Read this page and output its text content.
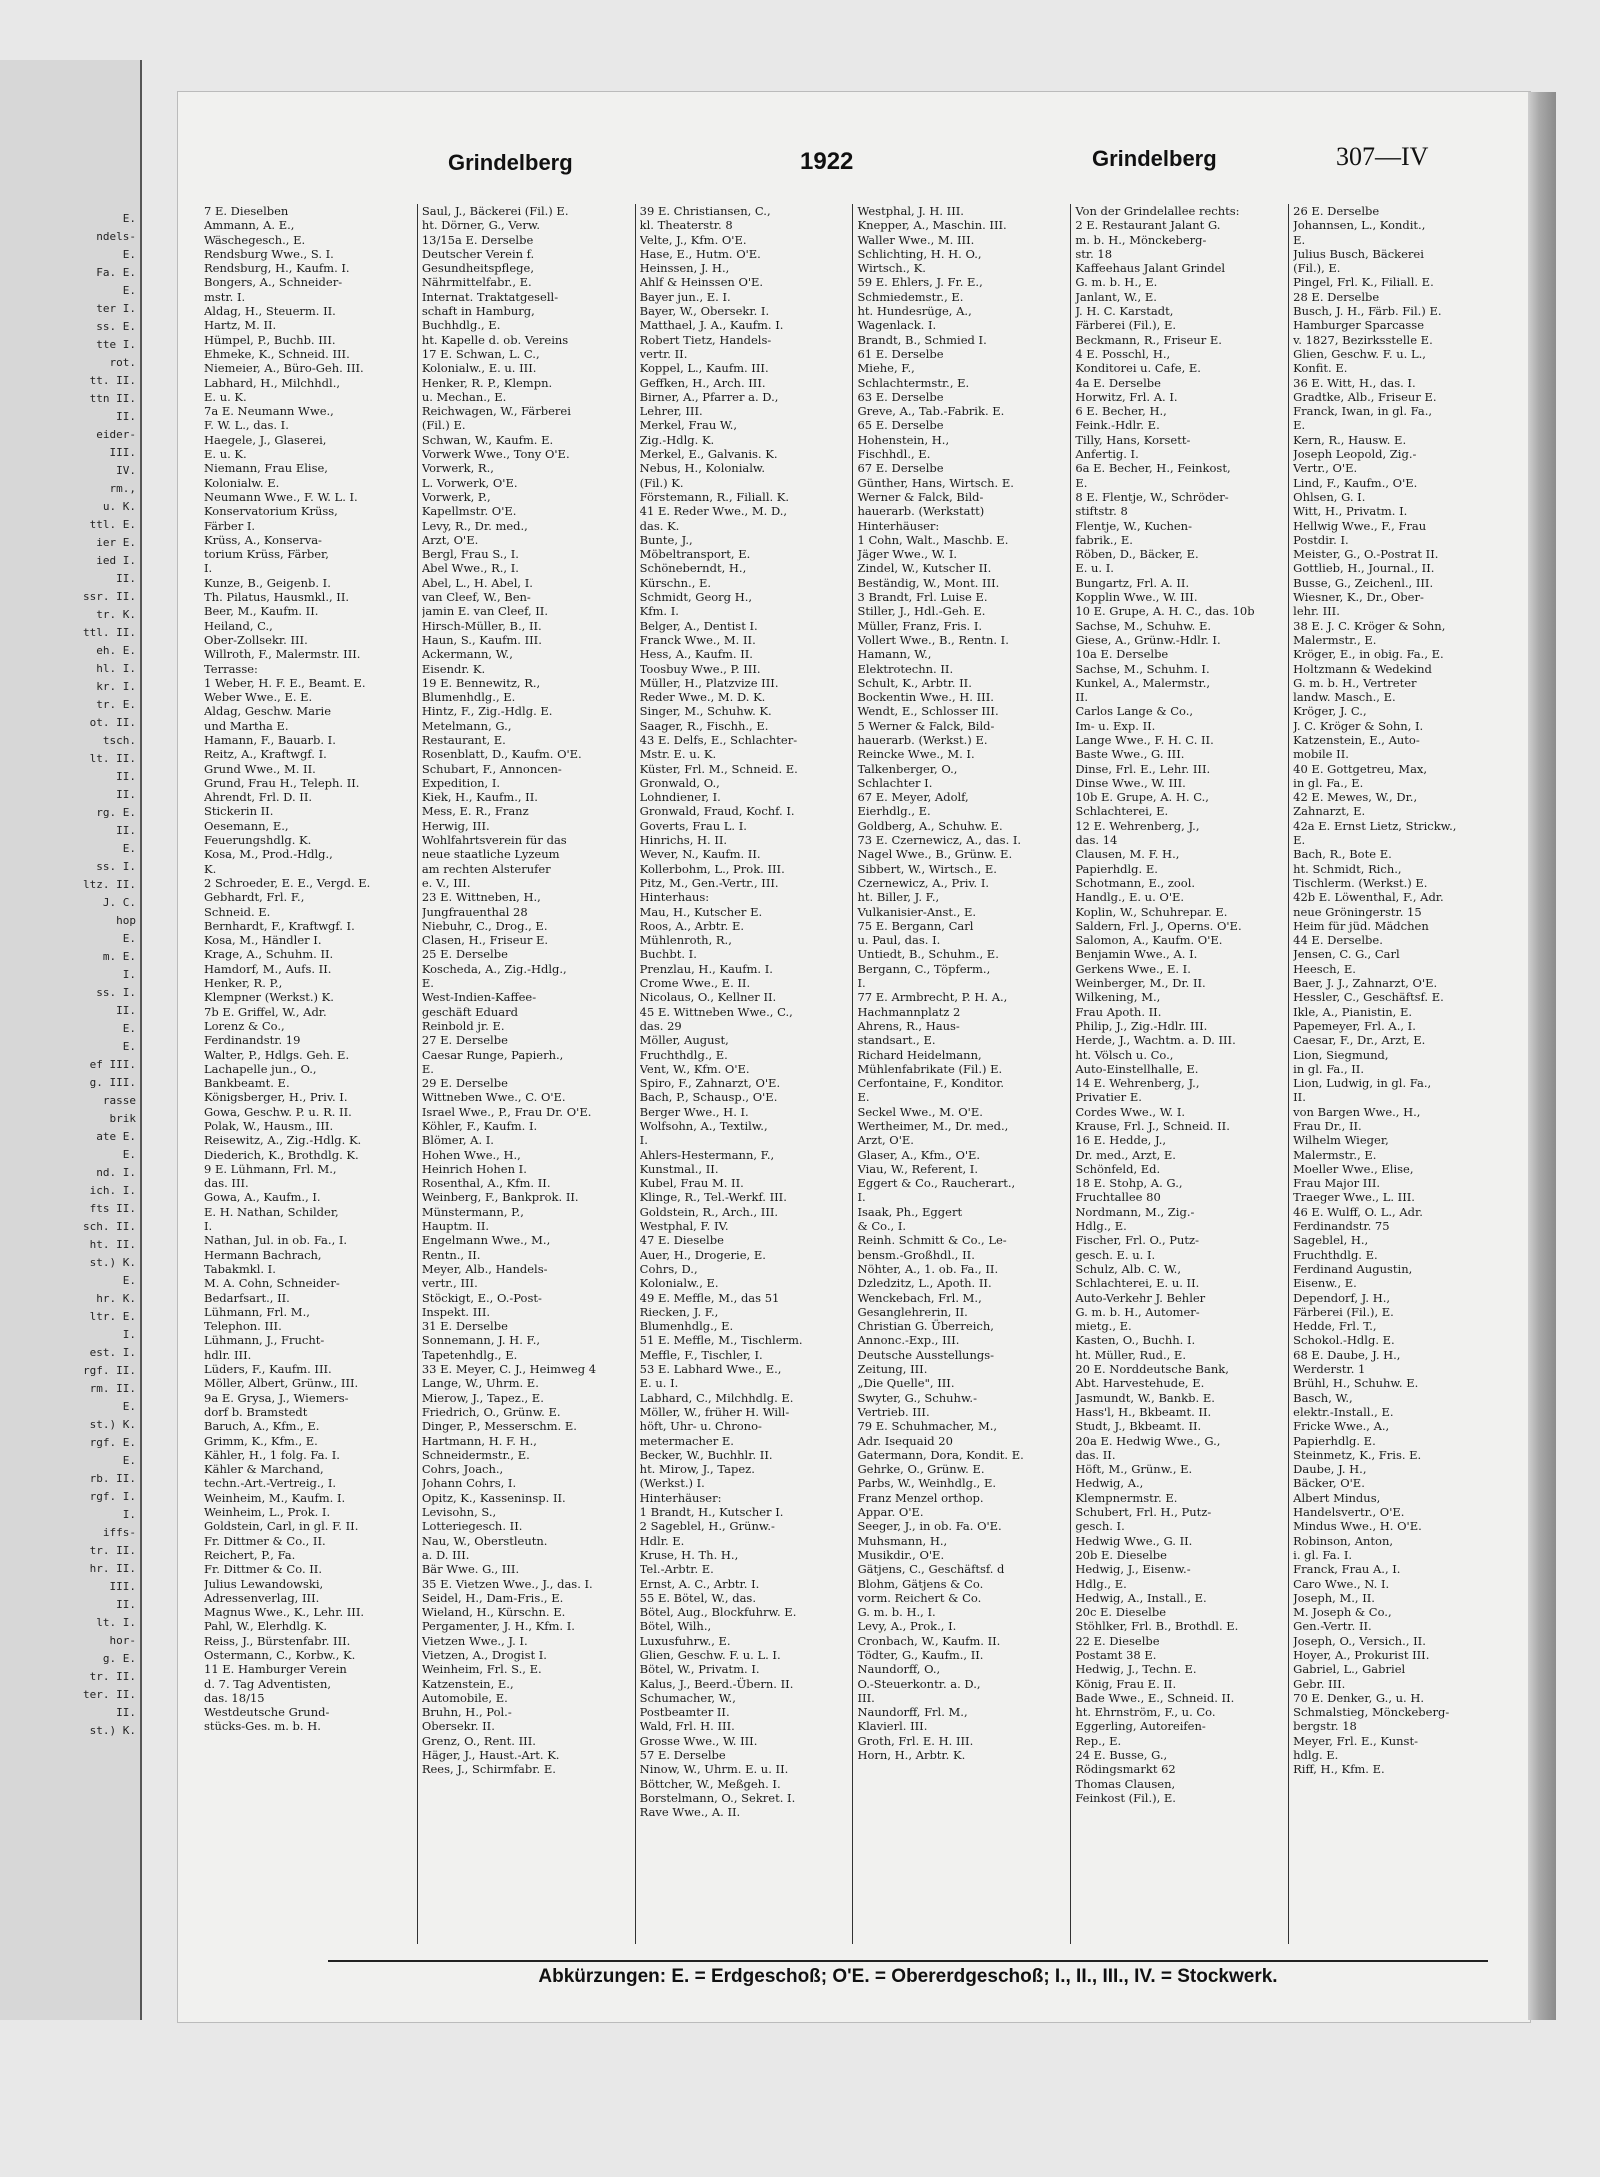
E.
ndels-
E.
Fa. E.
E.
ter I.
ss. E.
tte I.
rot.
tt. II.
ttn II.
II.
eider-
III.
IV.
rm.,
u. K.
ttl. E.
ier E.
ied I.
II.
ssr. II.
tr. K.
ttl. II.
eh. E.
hl. I.
kr. I.
tr. E.
ot. II.
tsch.
lt. II.
II.
II.
rg. E.
II.
E.
ss. I.
ltz. II.
J. C.
hop
E.
m. E.
I.
ss. I.
II.
E.
E.
ef III.
g. III.
rasse
brik
ate E.
E.
nd. I.
ich. I.
fts II.
sch. II.
ht. II.
st.) K.
E.
hr. K.
ltr. E.
I.
est. I.
rgf. II.
rm. II.
E.
st.) K.
rgf. E.
E.
rb. II.
rgf. I.
I.
iffs-
tr. II.
hr. II.
III.
II.
lt. I.
hor-
g. E.
tr. II.
ter. II.
II.
st.) K.
Grindelberg	1922	Grindelberg	307—IV
7 E. Dieselben
Ammann, A. E.,
Wäschegesch., E.
Rendsburg Wwe., S. I.
Rendsburg, H., Kaufm. I.
Bongers, A., Schneider-
mstr. I.
Aldag, H., Steuerm. II.
Hartz, M. II.
Hümpel, P., Buchb. III.
Ehmeke, K., Schneid. III.
Niemeier, A., Büro-Geh. III.
Labhard, H., Milchhdl.,
E. u. K.
7a E. Neumann Wwe.,
F. W. L., das. I.
Haegele, J., Glaserei,
E. u. K.
Niemann, Frau Elise,
Kolonialw. E.
Neumann Wwe., F. W. L. I.
Konservatorium Krüss,
Färber I.
Krüss, A., Konserva-
torium Krüss, Färber,
I.
Kunze, B., Geigenb. I.
Th. Pilatus, Hausmkl., II.
Beer, M., Kaufm. II.
Heiland, C.,
Ober-Zollsekr. III.
Willroth, F., Malermstr. III.
Terrasse:
1 Weber, H. F. E., Beamt. E.
Weber Wwe., E. E.
Aldag, Geschw. Marie
und Martha E.
Hamann, F., Bauarb. I.
Reitz, A., Kraftwgf. I.
Grund Wwe., M. II.
Grund, Frau H., Teleph. II.
Ahrendt, Frl. D. II.
Stickerin II.
Oesemann, E.,
Feuerungshdlg. K.
Kosa, M., Prod.-Hdlg.,
K.
2 Schroeder, E. E., Vergd. E.
Gebhardt, Frl. F.,
Schneid. E.
Bernhardt, F., Kraftwgf. I.
Kosa, M., Händler I.
Krage, A., Schuhm. II.
Hamdorf, M., Aufs. II.
Henker, R. P.,
Klempner (Werkst.) K.
7b E. Griffel, W., Adr.
Lorenz & Co.,
Ferdinandstr. 19
Walter, P., Hdlgs. Geh. E.
Lachapelle jun., O.,
Bankbeamt. E.
Königsberger, H., Priv. I.
Gowa, Geschw. P. u. R. II.
Polak, W., Hausm., III.
Reisewitz, A., Zig.-Hdlg. K.
Diederich, K., Brothdlg. K.
9 E. Lühmann, Frl. M.,
das. III.
Gowa, A., Kaufm., I.
E. H. Nathan, Schilder,
I.
Nathan, Jul. in ob. Fa., I.
Hermann Bachrach,
Tabakmkl. I.
M. A. Cohn, Schneider-
Bedarfsart., II.
Lühmann, Frl. M.,
Telephon. III.
Lühmann, J., Frucht-
hdlr. III.
Lüders, F., Kaufm. III.
Möller, Albert, Grünw., III.
9a E. Grysa, J., Wiemers-
dorf b. Bramstedt
Baruch, A., Kfm., E.
Grimm, K., Kfm., E.
Kähler, H., 1 folg. Fa. I.
Kähler & Marchand,
techn.-Art.-Vertreig., I.
Weinheim, M., Kaufm. I.
Weinheim, L., Prok. I.
Goldstein, Carl, in gl. F. II.
Fr. Dittmer & Co., II.
Reichert, P., Fa.
Fr. Dittmer & Co. II.
Julius Lewandowski,
Adressenverlag, III.
Magnus Wwe., K., Lehr. III.
Pahl, W., Elerhdlg. K.
Reiss, J., Bürstenfabr. III.
Ostermann, C., Korbw., K.
11 E. Hamburger Verein
d. 7. Tag Adventisten,
das. 18/15
Westdeutsche Grund-
stücks-Ges. m. b. H.
Saul, J., Bäckerei (Fil.) E.
ht. Dörner, G., Verw.
13/15a E. Derselbe
Deutscher Verein f.
Gesundheitspflege,
Nährmittelfabr., E.
Internat. Traktatgesell-
schaft in Hamburg,
Buchhdlg., E.
ht. Kapelle d. ob. Vereins
17 E. Schwan, L. C.,
Kolonialw., E. u. III.
Henker, R. P., Klempn.
u. Mechan., E.
Reichwagen, W., Färberei
(Fil.) E.
Schwan, W., Kaufm. E.
Vorwerk Wwe., Tony O'E.
Vorwerk, R.,
L. Vorwerk, O'E.
Vorwerk, P.,
Kapellmstr. O'E.
Levy, R., Dr. med.,
Arzt, O'E.
Bergl, Frau S., I.
Abel Wwe., R., I.
Abel, L., H. Abel, I.
van Cleef, W., Ben-
jamin E. van Cleef, II.
Hirsch-Müller, B., II.
Haun, S., Kaufm. III.
Ackermann, W.,
Eisendr. K.
19 E. Bennewitz, R.,
Blumenhdlg., E.
Hintz, F., Zig.-Hdlg. E.
Metelmann, G.,
Restaurant, E.
Rosenblatt, D., Kaufm. O'E.
Schubart, F., Annoncen-
Expedition, I.
Kiek, H., Kaufm., II.
Mess, E. R., Franz
Herwig, III.
Wohlfahrtsverein für das
neue staatliche Lyzeum
am rechten Alsterufer
e. V., III.
23 E. Wittneben, H.,
Jungfrauenthal 28
Niebuhr, C., Drog., E.
Clasen, H., Friseur E.
25 E. Derselbe
Koscheda, A., Zig.-Hdlg.,
E.
West-Indien-Kaffee-
geschäft Eduard
Reinbold jr. E.
27 E. Derselbe
Caesar Runge, Papierh.,
E.
29 E. Derselbe
Wittneben Wwe., C. O'E.
Israel Wwe., P., Frau Dr. O'E.
Köhler, F., Kaufm. I.
Blömer, A. I.
Hohen Wwe., H.,
Heinrich Hohen I.
Rosenthal, A., Kfm. II.
Weinberg, F., Bankprok. II.
Münstermann, P.,
Hauptm. II.
Engelmann Wwe., M.,
Rentn., II.
Meyer, Alb., Handels-
vertr., III.
Stöckigt, E., O.-Post-
Inspekt. III.
31 E. Derselbe
Sonnemann, J. H. F.,
Tapetenhdlg., E.
33 E. Meyer, C. J., Heimweg 4
Lange, W., Uhrm. E.
Mierow, J., Tapez., E.
Friedrich, O., Grünw. E.
Dinger, P., Messerschm. E.
Hartmann, H. F. H.,
Schneidermstr., E.
Cohrs, Joach.,
Johann Cohrs, I.
Opitz, K., Kasseninsp. II.
Levisohn, S.,
Lotteriegesch. II.
Nau, W., Oberstleutn.
a. D. III.
Bär Wwe. G., III.
35 E. Vietzen Wwe., J., das. I.
Seidel, H., Dam-Fris., E.
Wieland, H., Kürschn. E.
Pergamenter, J. H., Kfm. I.
Vietzen Wwe., J. I.
Vietzen, A., Drogist I.
Weinheim, Frl. S., E.
Katzenstein, E.,
Automobile, E.
Bruhn, H., Pol.-
Obersekr. II.
Grenz, O., Rent. III.
Häger, J., Haust.-Art. K.
Rees, J., Schirmfabr. E.
39 E. Christiansen, C.,
kl. Theaterstr. 8
Velte, J., Kfm. O'E.
Hase, E., Hutm. O'E.
Heinssen, J. H.,
Ahlf & Heinssen O'E.
Bayer jun., E. I.
Bayer, W., Obersekr. I.
Matthael, J. A., Kaufm. I.
Robert Tietz, Handels-
vertr. II.
Koppel, L., Kaufm. III.
Geffken, H., Arch. III.
Birner, A., Pfarrer a. D.,
Lehrer, III.
Merkel, Frau W.,
Zig.-Hdlg. K.
Merkel, E., Galvanis. K.
Nebus, H., Kolonialw.
(Fil.) K.
Förstemann, R., Filiall. K.
41 E. Reder Wwe., M. D.,
das. K.
Bunte, J.,
Möbeltransport, E.
Schöneberndt, H.,
Kürschn., E.
Schmidt, Georg H.,
Kfm. I.
Belger, A., Dentist I.
Franck Wwe., M. II.
Hess, A., Kaufm. II.
Toosbuy Wwe., P. III.
Müller, H., Platzvize III.
Reder Wwe., M. D. K.
Singer, M., Schuhw. K.
Saager, R., Fischh., E.
43 E. Delfs, E., Schlachter-
Mstr. E. u. K.
Küster, Frl. M., Schneid. E.
Gronwald, O.,
Lohndiener, I.
Gronwald, Fraud, Kochf. I.
Goverts, Frau L. I.
Hinrichs, H. II.
Wever, N., Kaufm. II.
Kollerbohm, L., Prok. III.
Pitz, M., Gen.-Vertr., III.
Hinterhaus:
Mau, H., Kutscher E.
Roos, A., Arbtr. E.
Mühlenroth, R.,
Buchbt. I.
Prenzlau, H., Kaufm. I.
Crome Wwe., E. II.
Nicolaus, O., Kellner II.
45 E. Wittneben Wwe., C.,
das. 29
Möller, August,
Fruchthdlg., E.
Vent, W., Kfm. O'E.
Spiro, F., Zahnarzt, O'E.
Bach, P., Schausp., O'E.
Berger Wwe., H. I.
Wolfsohn, A., Textilw.,
I.
Ahlers-Hestermann, F.,
Kunstmal., II.
Kubel, Frau M. II.
Klinge, R., Tel.-Werkf. III.
Goldstein, R., Arch., III.
Westphal, F. IV.
47 E. Dieselbe
Auer, H., Drogerie, E.
Cohrs, D.,
Kolonialw., E.
49 E. Meffle, M., das 51
Riecken, J. F.,
Blumenhdlg., E.
51 E. Meffle, M., Tischlerm.
Meffle, F., Tischler, I.
53 E. Labhard Wwe., E.,
E. u. I.
Labhard, C., Milchhdlg. E.
Möller, W., früher H. Will-
höft, Uhr- u. Chrono-
metermacher E.
Becker, W., Buchhlr. II.
ht. Mirow, J., Tapez.
(Werkst.) I.
Hinterhäuser:
1 Brandt, H., Kutscher I.
2 Sageblel, H., Grünw.-
Hdlr. E.
Kruse, H. Th. H.,
Tel.-Arbtr. E.
Ernst, A. C., Arbtr. I.
55 E. Bötel, W., das.
Bötel, Aug., Blockfuhrw. E.
Bötel, Wilh.,
Luxusfuhrw., E.
Glien, Geschw. F. u. L. I.
Bötel, W., Privatm. I.
Kalus, J., Beerd.-Übern. II.
Schumacher, W.,
Postbeamter II.
Wald, Frl. H. III.
Grosse Wwe., W. III.
57 E. Derselbe
Ninow, W., Uhrm. E. u. II.
Böttcher, W., Meßgeh. I.
Borstelmann, O., Sekret. I.
Rave Wwe., A. II.
Westphal, J. H. III.
Knepper, A., Maschin. III.
Waller Wwe., M. III.
Schlichting, H. H. O.,
Wirtsch., K.
59 E. Ehlers, J. Fr. E.,
Schmiedemstr., E.
ht. Hundesrüge, A.,
Wagenlack. I.
Brandt, B., Schmied I.
61 E. Derselbe
Miehe, F.,
Schlachtermstr., E.
63 E. Derselbe
Greve, A., Tab.-Fabrik. E.
65 E. Derselbe
Hohenstein, H.,
Fischhdl., E.
67 E. Derselbe
Günther, Hans, Wirtsch. E.
Werner & Falck, Bild-
hauerarb. (Werkstatt)
Hinterhäuser:
1 Cohn, Walt., Maschb. E.
Jäger Wwe., W. I.
Zindel, W., Kutscher II.
Beständig, W., Mont. III.
3 Brandt, Frl. Luise E.
Stiller, J., Hdl.-Geh. E.
Müller, Franz, Fris. I.
Vollert Wwe., B., Rentn. I.
Hamann, W.,
Elektrotechn. II.
Schult, K., Arbtr. II.
Bockentin Wwe., H. III.
Wendt, E., Schlosser III.
5 Werner & Falck, Bild-
hauerarb. (Werkst.) E.
Reincke Wwe., M. I.
Talkenberger, O.,
Schlachter I.
67 E. Meyer, Adolf,
Eierhdlg., E.
Goldberg, A., Schuhw. E.
73 E. Czernewicz, A., das. I.
Nagel Wwe., B., Grünw. E.
Sibbert, W., Wirtsch., E.
Czernewicz, A., Priv. I.
ht. Biller, J. F.,
Vulkanisier-Anst., E.
75 E. Bergann, Carl
u. Paul, das. I.
Untiedt, B., Schuhm., E.
Bergann, C., Töpferm.,
I.
77 E. Armbrecht, P. H. A.,
Hachmannplatz 2
Ahrens, R., Haus-
standsart., E.
Richard Heidelmann,
Mühlenfabrikate (Fil.) E.
Cerfontaine, F., Konditor.
E.
Seckel Wwe., M. O'E.
Wertheimer, M., Dr. med.,
Arzt, O'E.
Glaser, A., Kfm., O'E.
Viau, W., Referent, I.
Eggert & Co., Raucherart.,
I.
Isaak, Ph., Eggert
& Co., I.
Reinh. Schmitt & Co., Le-
bensm.-Großhdl., II.
Nöhter, A., 1. ob. Fa., II.
Dzledzitz, L., Apoth. II.
Wenckebach, Frl. M.,
Gesanglehrerin, II.
Christian G. Überreich,
Annonc.-Exp., III.
Deutsche Ausstellungs-
Zeitung, III.
„Die Quelle", III.
Swyter, G., Schuhw.-
Vertrieb. III.
79 E. Schuhmacher, M.,
Adr. Isequaid 20
Gatermann, Dora, Kondit. E.
Gehrke, O., Grünw. E.
Parbs, W., Weinhdlg., E.
Franz Menzel orthop.
Appar. O'E.
Seeger, J., in ob. Fa. O'E.
Muhsmann, H.,
Musikdir., O'E.
Gätjens, C., Geschäftsf. d
Blohm, Gätjens & Co.
vorm. Reichert & Co.
G. m. b. H., I.
Levy, A., Prok., I.
Cronbach, W., Kaufm. II.
Tödter, G., Kaufm., II.
Naundorff, O.,
O.-Steuerkontr. a. D.,
III.
Naundorff, Frl. M.,
Klavierl. III.
Groth, Frl. E. H. III.
Horn, H., Arbtr. K.
Von der Grindelallee rechts:
2 E. Restaurant Jalant G.
m. b. H., Mönckeberg-
str. 18
Kaffeehaus Jalant Grindel
G. m. b. H., E.
Janlant, W., E.
J. H. C. Karstadt,
Färberei (Fil.), E.
Beckmann, R., Friseur E.
4 E. Posschl, H.,
Konditorei u. Cafe, E.
4a E. Derselbe
Horwitz, Frl. A. I.
6 E. Becher, H.,
Feink.-Hdlr. E.
Tilly, Hans, Korsett-
Anfertig. I.
6a E. Becher, H., Feinkost,
E.
8 E. Flentje, W., Schröder-
stiftstr. 8
Flentje, W., Kuchen-
fabrik., E.
Röben, D., Bäcker, E.
E. u. I.
Bungartz, Frl. A. II.
Kopplin Wwe., W. III.
10 E. Grupe, A. H. C., das. 10b
Sachse, M., Schuhw. E.
Giese, A., Grünw.-Hdlr. I.
10a E. Derselbe
Sachse, M., Schuhm. I.
Kunkel, A., Malermstr.,
II.
Carlos Lange & Co.,
Im- u. Exp. II.
Lange Wwe., F. H. C. II.
Baste Wwe., G. III.
Dinse, Frl. E., Lehr. III.
Dinse Wwe., W. III.
10b E. Grupe, A. H. C.,
Schlachterei, E.
12 E. Wehrenberg, J.,
das. 14
Clausen, M. F. H.,
Papierhdlg. E.
Schotmann, E., zool.
Handlg., E. u. O'E.
Koplin, W., Schuhrepar. E.
Saldern, Frl. J., Operns. O'E.
Salomon, A., Kaufm. O'E.
Benjamin Wwe., A. I.
Gerkens Wwe., E. I.
Weinberger, M., Dr. II.
Wilkening, M.,
Frau Apoth. II.
Philip, J., Zig.-Hdlr. III.
Herde, J., Wachtm. a. D. III.
ht. Völsch u. Co.,
Auto-Einstellhalle, E.
14 E. Wehrenberg, J.,
Privatier E.
Cordes Wwe., W. I.
Krause, Frl. J., Schneid. II.
16 E. Hedde, J.,
Dr. med., Arzt, E.
Schönfeld, Ed.
18 E. Stohp, A. G.,
Fruchtallee 80
Nordmann, M., Zig.-
Hdlg., E.
Fischer, Frl. O., Putz-
gesch. E. u. I.
Schulz, Alb. C. W.,
Schlachterei, E. u. II.
Auto-Verkehr J. Behler
G. m. b. H., Automer-
mietg., E.
Kasten, O., Buchh. I.
ht. Müller, Rud., E.
20 E. Norddeutsche Bank,
Abt. Harvestehude, E.
Jasmundt, W., Bankb. E.
Hass'l, H., Bkbeamt. II.
Studt, J., Bkbeamt. II.
20a E. Hedwig Wwe., G.,
das. II.
Höft, M., Grünw., E.
Hedwig, A.,
Klempnermstr. E.
Schubert, Frl. H., Putz-
gesch. I.
Hedwig Wwe., G. II.
20b E. Dieselbe
Hedwig, J., Eisenw.-
Hdlg., E.
Hedwig, A., Install., E.
20c E. Dieselbe
Stöhlker, Frl. B., Brothdl. E.
22 E. Dieselbe
Postamt 38 E.
Hedwig, J., Techn. E.
König, Frau E. II.
Bade Wwe., E., Schneid. II.
ht. Ehrnström, F., u. Co.
Eggerling, Autoreifen-
Rep., E.
24 E. Busse, G.,
Rödingsmarkt 62
Thomas Clausen,
Feinkost (Fil.), E.
26 E. Derselbe
Johannsen, L., Kondit.,
E.
Julius Busch, Bäckerei
(Fil.), E.
Pingel, Frl. K., Filiall. E.
28 E. Derselbe
Busch, J. H., Färb. Fil.) E.
Hamburger Sparcasse
v. 1827, Bezirksstelle E.
Glien, Geschw. F. u. L.,
Konfit. E.
36 E. Witt, H., das. I.
Gradtke, Alb., Friseur E.
Franck, Iwan, in gl. Fa.,
E.
Kern, R., Hausw. E.
Joseph Leopold, Zig.-
Vertr., O'E.
Lind, F., Kaufm., O'E.
Ohlsen, G. I.
Witt, H., Privatm. I.
Hellwig Wwe., F., Frau
Postdir. I.
Meister, G., O.-Postrat II.
Gottlieb, H., Journal., II.
Busse, G., Zeichenl., III.
Wiesner, K., Dr., Ober-
lehr. III.
38 E. J. C. Kröger & Sohn,
Malermstr., E.
Kröger, E., in obig. Fa., E.
Holtzmann & Wedekind
G. m. b. H., Vertreter
landw. Masch., E.
Kröger, J. C.,
J. C. Kröger & Sohn, I.
Katzenstein, E., Auto-
mobile II.
40 E. Gottgetreu, Max,
in gl. Fa., E.
42 E. Mewes, W., Dr.,
Zahnarzt, E.
42a E. Ernst Lietz, Strickw.,
E.
Bach, R., Bote E.
ht. Schmidt, Rich.,
Tischlerm. (Werkst.) E.
42b E. Löwenthal, F., Adr.
neue Gröningerstr. 15
Heim für jüd. Mädchen
44 E. Derselbe.
Jensen, C. G., Carl
Heesch, E.
Baer, J. J., Zahnarzt, O'E.
Hessler, C., Geschäftsf. E.
Ikle, A., Pianistin, E.
Papemeyer, Frl. A., I.
Caesar, F., Dr., Arzt, E.
Lion, Siegmund,
in gl. Fa., II.
Lion, Ludwig, in gl. Fa.,
II.
von Bargen Wwe., H.,
Frau Dr., II.
Wilhelm Wieger,
Malermstr., E.
Moeller Wwe., Elise,
Frau Major III.
Traeger Wwe., L. III.
46 E. Wulff, O. L., Adr.
Ferdinandstr. 75
Sageblel, H.,
Fruchthdlg. E.
Ferdinand Augustin,
Eisenw., E.
Dependorf, J. H.,
Färberei (Fil.), E.
Hedde, Frl. T.,
Schokol.-Hdlg. E.
68 E. Daube, J. H.,
Werderstr. 1
Brühl, H., Schuhw. E.
Basch, W.,
elektr.-Install., E.
Fricke Wwe., A.,
Papierhdlg. E.
Steinmetz, K., Fris. E.
Daube, J. H.,
Bäcker, O'E.
Albert Mindus,
Handelsvertr., O'E.
Mindus Wwe., H. O'E.
Robinson, Anton,
i. gl. Fa. I.
Franck, Frau A., I.
Caro Wwe., N. I.
Joseph, M., II.
M. Joseph & Co.,
Gen.-Vertr. II.
Joseph, O., Versich., II.
Hoyer, A., Prokurist III.
Gabriel, L., Gabriel
Gebr. III.
70 E. Denker, G., u. H.
Schmalstieg, Mönckeberg-
bergstr. 18
Meyer, Frl. E., Kunst-
hdlg. E.
Riff, H., Kfm. E.
Abkürzungen: E. = Erdgeschoß; O'E. = Obererdgeschoß; I., II., III., IV. = Stockwerk.
